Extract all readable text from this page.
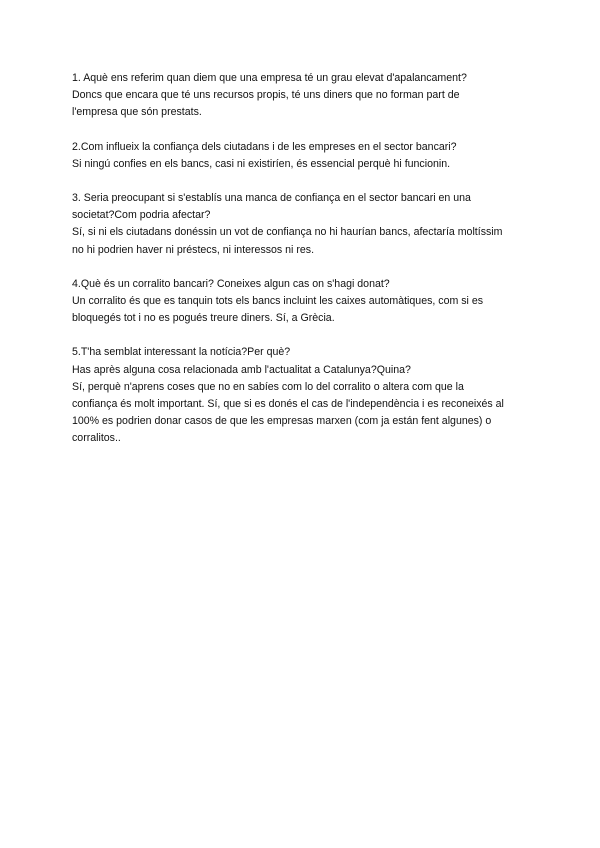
1. Aquè ens referim quan diem que una empresa té un grau elevat d'apalancament?

Doncs que encara que té uns recursos propis, té uns diners que no forman part de

l'empresa que són prestats.

2.Com influeix la confiança dels ciutadans i de les empreses en el sector bancari?

Si ningú confies en els bancs, casi ni existiríen, és essencial perquè hi funcionin.

3. Seria preocupant si s'establís una manca de confiança en el sector bancari en una

societat?Com podria afectar?

Sí, si ni els ciutadans donéssin un vot de confiança no hi haurían bancs, afectaría moltíssim

no hi podrien haver ni préstecs, ni interessos ni res.

4.Què és un corralito bancari? Coneixes algun cas on s'hagi donat?

Un corralito és que es tanquin tots els bancs incluint les caixes automàtiques, com si es

bloquegés tot i no es pogués treure diners. Sí, a Grècia.

5.T'ha semblat interessant la notícia?Per què?

Has après alguna cosa relacionada amb l'actualitat a Catalunya?Quina?

Sí, perquè n'aprens coses que no en sabíes com lo del corralito o altera com que la

confiança és molt important. Sí, que si es donés el cas de l'independència i es reconeixés al

100% es podrien donar casos de que les empresas marxen (com ja están fent algunes) o

corralitos..
